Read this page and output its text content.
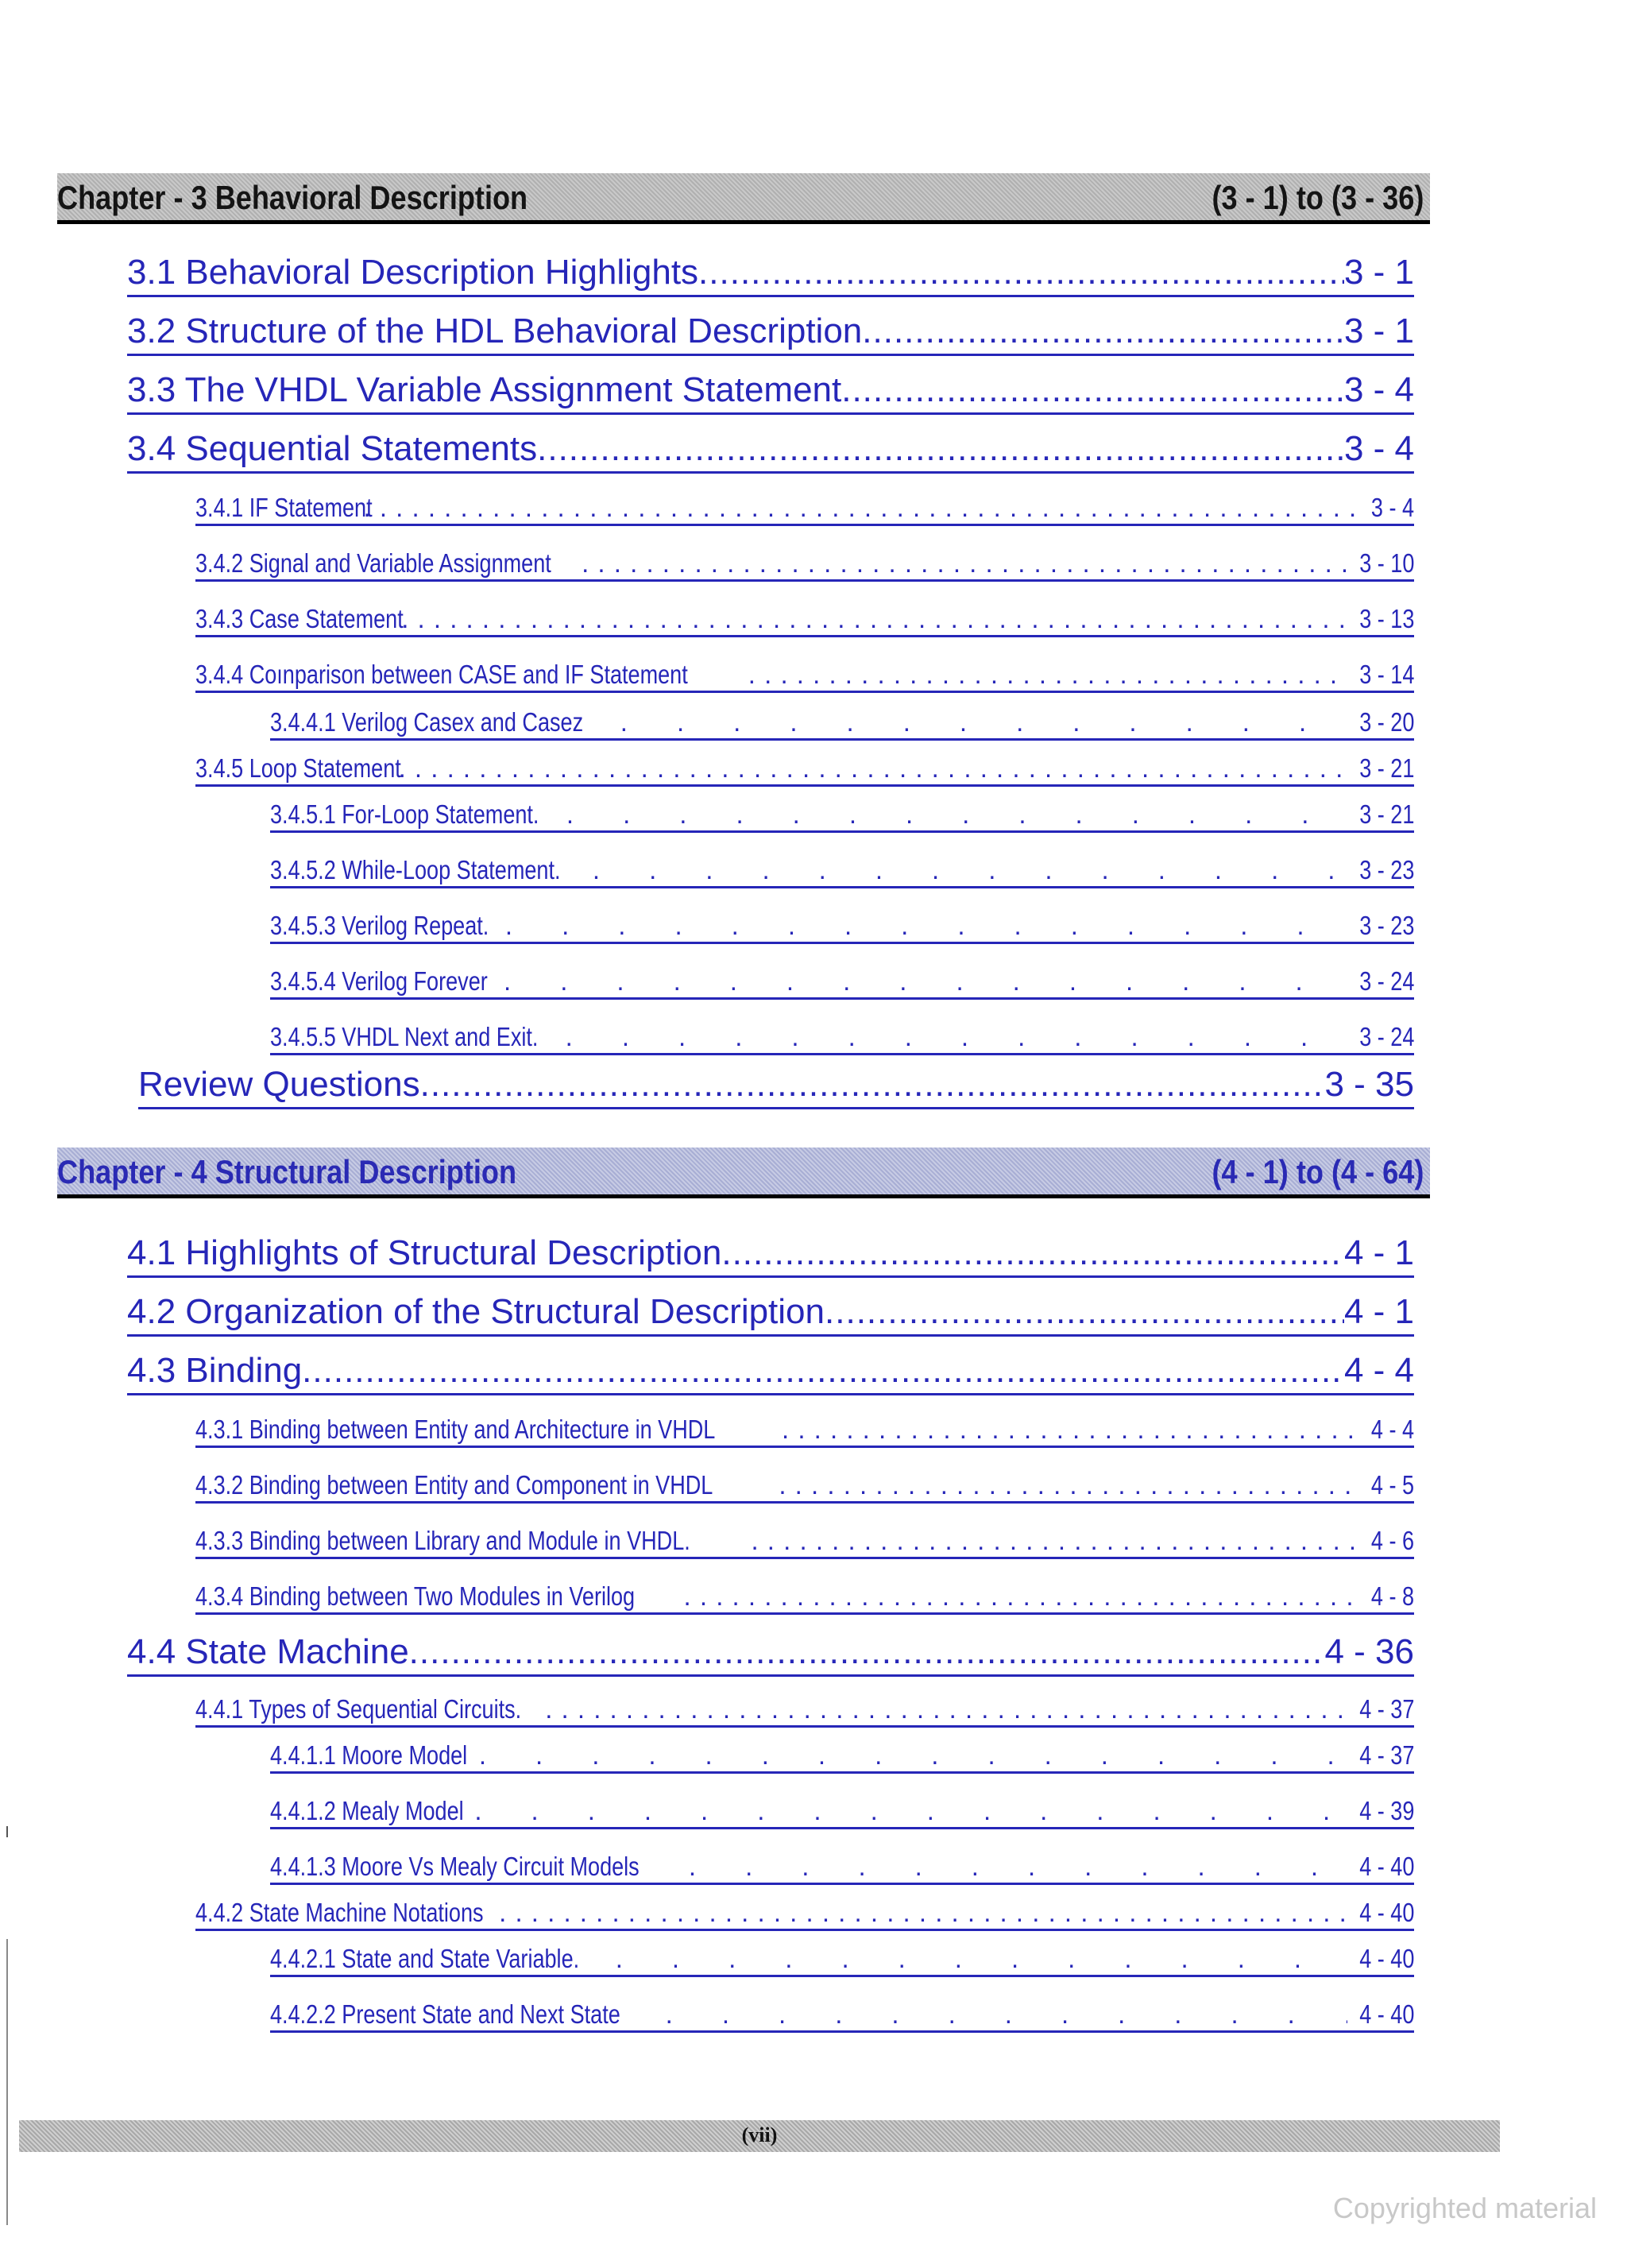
Chapter - 3 Behavioral Description	(3 - 1) to (3 - 36)
3.1 Behavioral Description Highlights .....	3 - 1
3.2 Structure of the HDL Behavioral Description .....	3 - 1
3.3 The VHDL Variable Assignment Statement .....	3 - 4
3.4 Sequential Statements .....	3 - 4
3.4.1 IF Statement . . .	3 - 4
3.4.2 Signal and Variable Assignment . . .	3 - 10
3.4.3 Case Statement . . .	3 - 13
3.4.4 Coınparison between CASE and IF Statement . . .	3 - 14
3.4.4.1 Verilog Casex and Casez .	3 - 20
3.4.5 Loop Statement . . .	3 - 21
3.4.5.1 For-Loop Statement. .	3 - 21
3.4.5.2 While-Loop Statement. .	3 - 23
3.4.5.3 Verilog Repeat. .	3 - 23
3.4.5.4 Verilog Forever .	3 - 24
3.4.5.5 VHDL Next and Exit. .	3 - 24
Review Questions .....	3 - 35
Chapter - 4 Structural Description	(4 - 1) to (4 - 64)
4.1 Highlights of Structural Description .....	4 - 1
4.2 Organization of the Structural Description .....	4 - 1
4.3 Binding .....	4 - 4
4.3.1 Binding between Entity and Architecture in VHDL . . .	4 - 4
4.3.2 Binding between Entity and Component in VHDL . . .	4 - 5
4.3.3 Binding between Library and Module in VHDL. . . .	4 - 6
4.3.4 Binding between Two Modules in Verilog . . .	4 - 8
4.4 State Machine .....	4 - 36
4.4.1 Types of Sequential Circuits. . . .	4 - 37
4.4.1.1 Moore Model .	4 - 37
4.4.1.2 Mealy Model .	4 - 39
4.4.1.3 Moore Vs Mealy Circuit Models .	4 - 40
4.4.2 State Machine Notations . . .	4 - 40
4.4.2.1 State and State Variable. .	4 - 40
4.4.2.2 Present State and Next State .	4 - 40
(vii)
Copyrighted material
